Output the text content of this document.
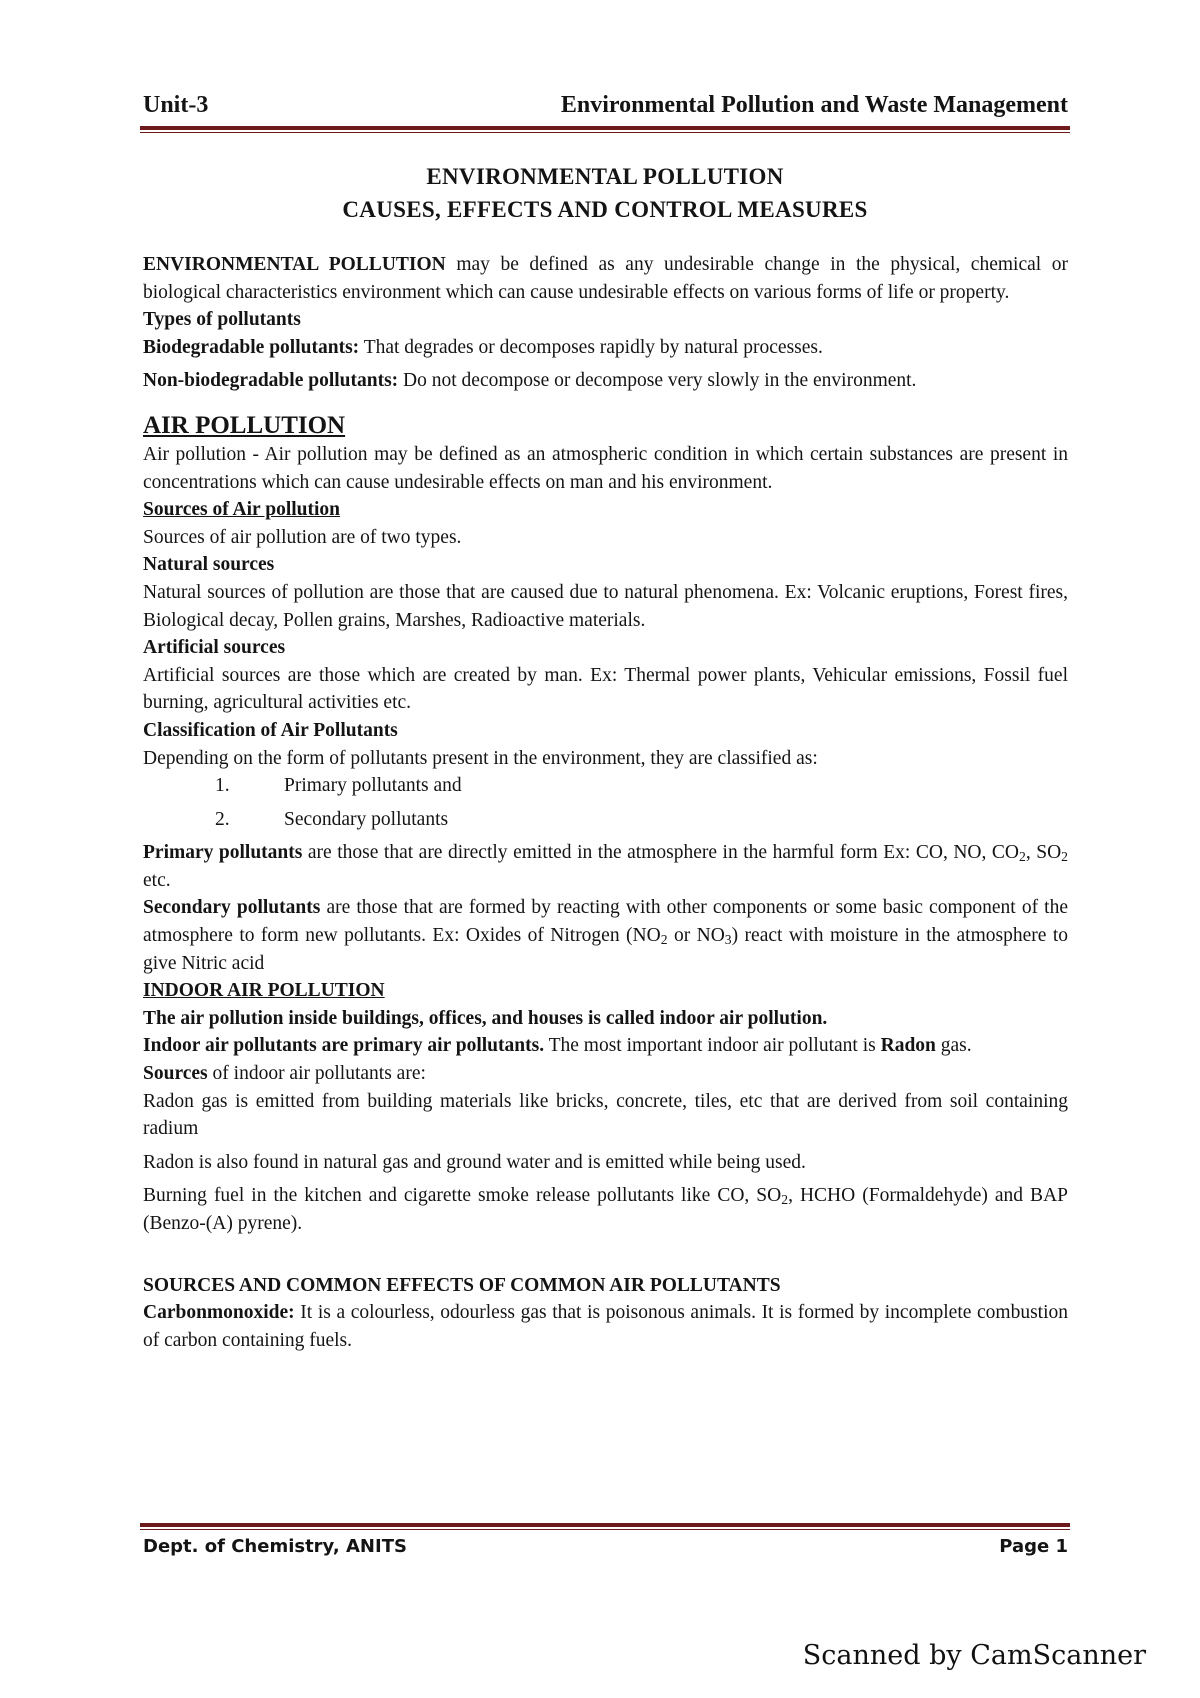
Unit-3	Environmental Pollution and Waste Management
ENVIRONMENTAL POLLUTION
CAUSES, EFFECTS AND CONTROL MEASURES

ENVIRONMENTAL POLLUTION may be defined as any undesirable change in the physical, chemical or biological characteristics environment which can cause undesirable effects on various forms of life or property.

Types of pollutants

Biodegradable pollutants: That degrades or decomposes rapidly by natural processes.

Non-biodegradable pollutants: Do not decompose or decompose very slowly in the environment.

AIR POLLUTION

Air pollution - Air pollution may be defined as an atmospheric condition in which certain substances are present in concentrations which can cause undesirable effects on man and his environment.

Sources of Air pollution

Sources of air pollution are of two types.

Natural sources

Natural sources of pollution are those that are caused due to natural phenomena. Ex: Volcanic eruptions, Forest fires, Biological decay, Pollen grains, Marshes, Radioactive materials.

Artificial sources

Artificial sources are those which are created by man. Ex: Thermal power plants, Vehicular emissions, Fossil fuel burning, agricultural activities etc.

Classification of Air Pollutants

Depending on the form of pollutants present in the environment, they are classified as:

1.	Primary pollutants and
2.	Secondary pollutants

Primary pollutants are those that are directly emitted in the atmosphere in the harmful form Ex: CO, NO, $CO_2$, $SO_2$ etc.

Secondary pollutants are those that are formed by reacting with other components or some basic component of the atmosphere to form new pollutants. Ex: Oxides of Nitrogen ($NO_2$ or $NO_3$) react with moisture in the atmosphere to give Nitric acid

INDOOR AIR POLLUTION

The air pollution inside buildings, offices, and houses is called indoor air pollution.

Indoor air pollutants are primary air pollutants. The most important indoor air pollutant is Radon gas.

Sources of indoor air pollutants are:

Radon gas is emitted from building materials like bricks, concrete, tiles, etc that are derived from soil containing radium

Radon is also found in natural gas and ground water and is emitted while being used.

Burning fuel in the kitchen and cigarette smoke release pollutants like CO, $SO_2$, HCHO (Formaldehyde) and BAP (Benzo-(A) pyrene).

SOURCES AND COMMON EFFECTS OF COMMON AIR POLLUTANTS

Carbonmonoxide: It is a colourless, odourless gas that is poisonous animals. It is formed by incomplete combustion of carbon containing fuels.

Dept. of Chemistry, ANITS	Page 1
Scanned by CamScanner
